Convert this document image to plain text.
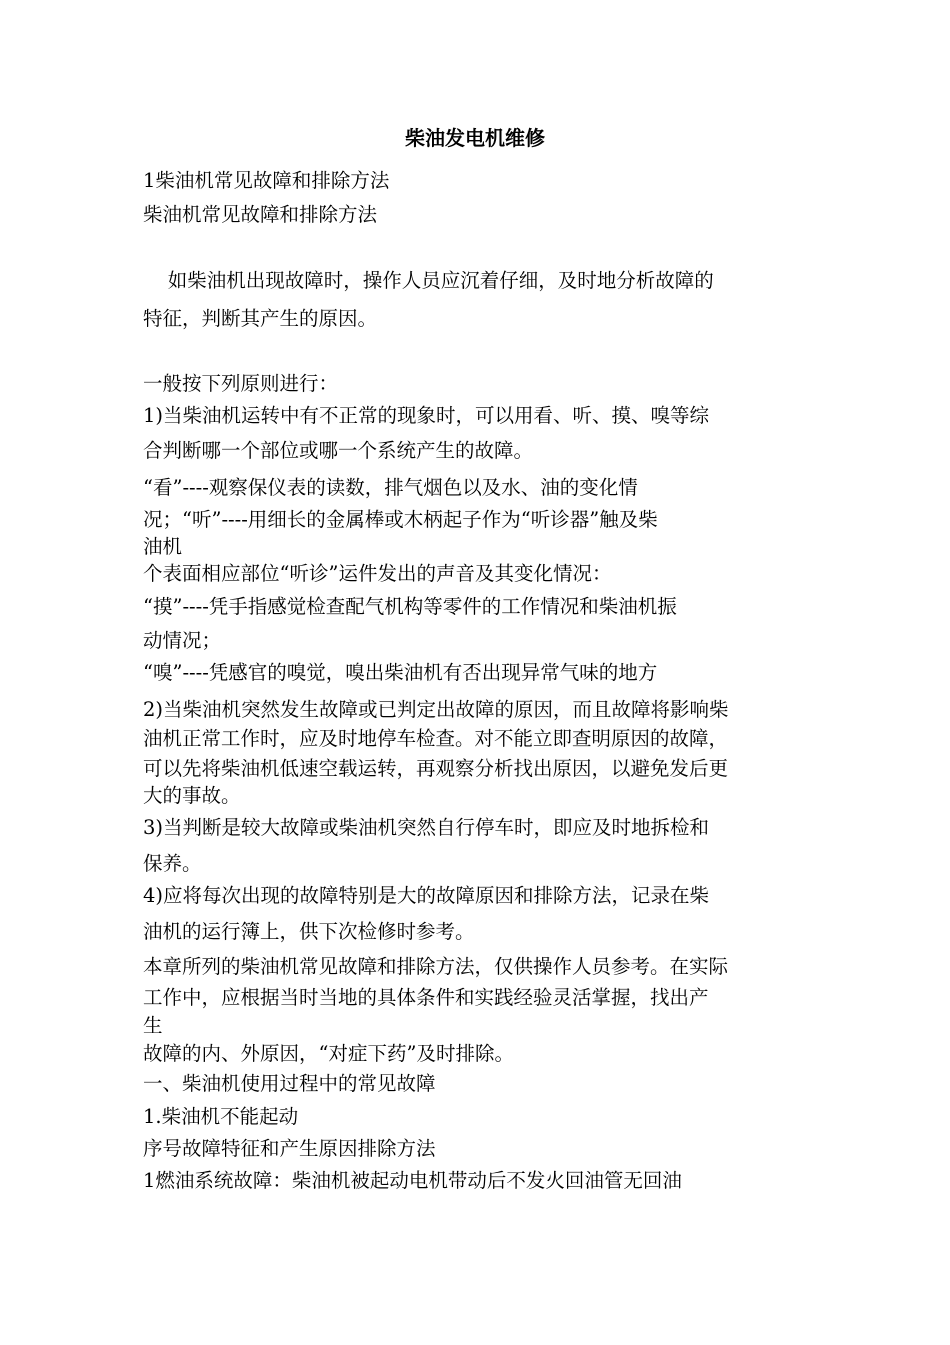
柴油发电机维修
1柴油机常见故障和排除方法
柴油机常见故障和排除方法
如柴油机出现故障时，操作人员应沉着仔细，及时地分析故障的
特征，判断其产生的原因。
一般按下列原则进行：
1)当柴油机运转中有不正常的现象时，可以用看、听、摸、嗅等综
合判断哪一个部位或哪一个系统产生的故障。
“看”----观察保仪表的读数，排气烟色以及水、油的变化情
况；“听”----用细长的金属棒或木柄起子作为“听诊器”触及柴
油机
个表面相应部位“听诊”运件发出的声音及其变化情况：
“摸”----凭手指感觉检查配气机构等零件的工作情况和柴油机振
动情况；
“嗅”----凭感官的嗅觉，嗅出柴油机有否出现异常气味的地方
2)当柴油机突然发生故障或已判定出故障的原因，而且故障将影响柴
油机正常工作时，应及时地停车检查。对不能立即查明原因的故障，
可以先将柴油机低速空载运转，再观察分析找出原因，以避免发后更
大的事故。
3)当判断是较大故障或柴油机突然自行停车时，即应及时地拆检和
保养。
4)应将每次出现的故障特别是大的故障原因和排除方法，记录在柴
油机的运行簿上，供下次检修时参考。
本章所列的柴油机常见故障和排除方法，仅供操作人员参考。在实际
工作中，应根据当时当地的具体条件和实践经验灵活掌握，找出产
生
故障的内、外原因，“对症下药”及时排除。
一、柴油机使用过程中的常见故障
1.柴油机不能起动
序号故障特征和产生原因排除方法
1燃油系统故障：柴油机被起动电机带动后不发火回油管无回油
